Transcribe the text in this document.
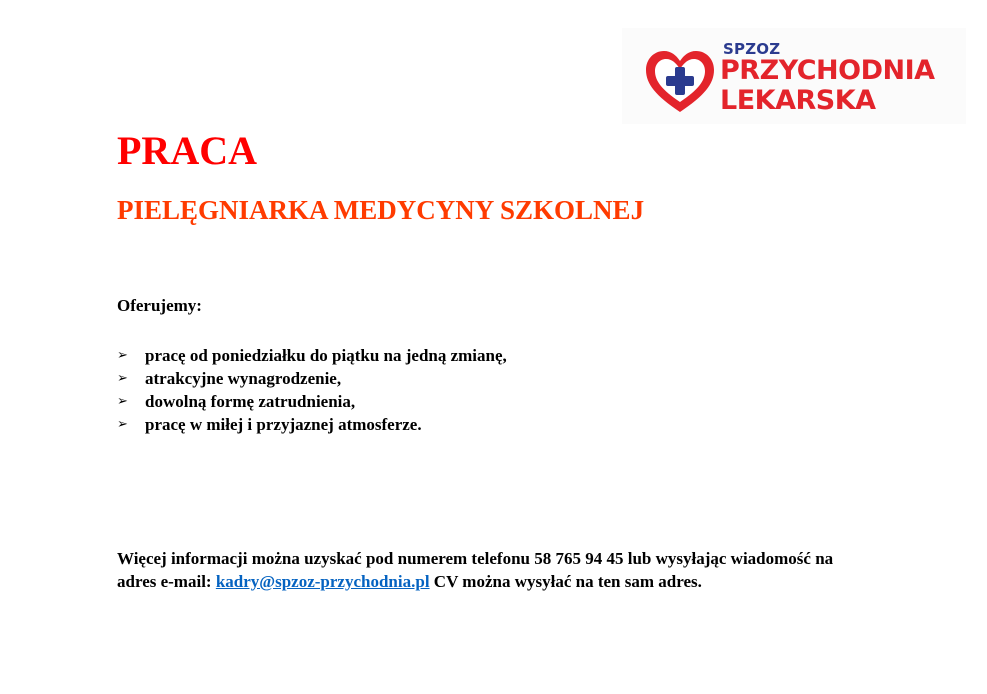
SPZOZ
PRZYCHODNIA
LEKARSKA
PRACA
PIELĘGNIARKA MEDYCYNY SZKOLNEJ
Oferujemy:
➢ pracę od poniedziałku do piątku na jedną zmianę,
➢ atrakcyjne wynagrodzenie,
➢ dowolną formę zatrudnienia,
➢ pracę w miłej i przyjaznej atmosferze.
Więcej informacji można uzyskać pod numerem telefonu 58 765 94 45 lub wysyłając wiadomość na adres e-mail: kadry@spzoz-przychodnia.pl CV można wysyłać na ten sam adres.
